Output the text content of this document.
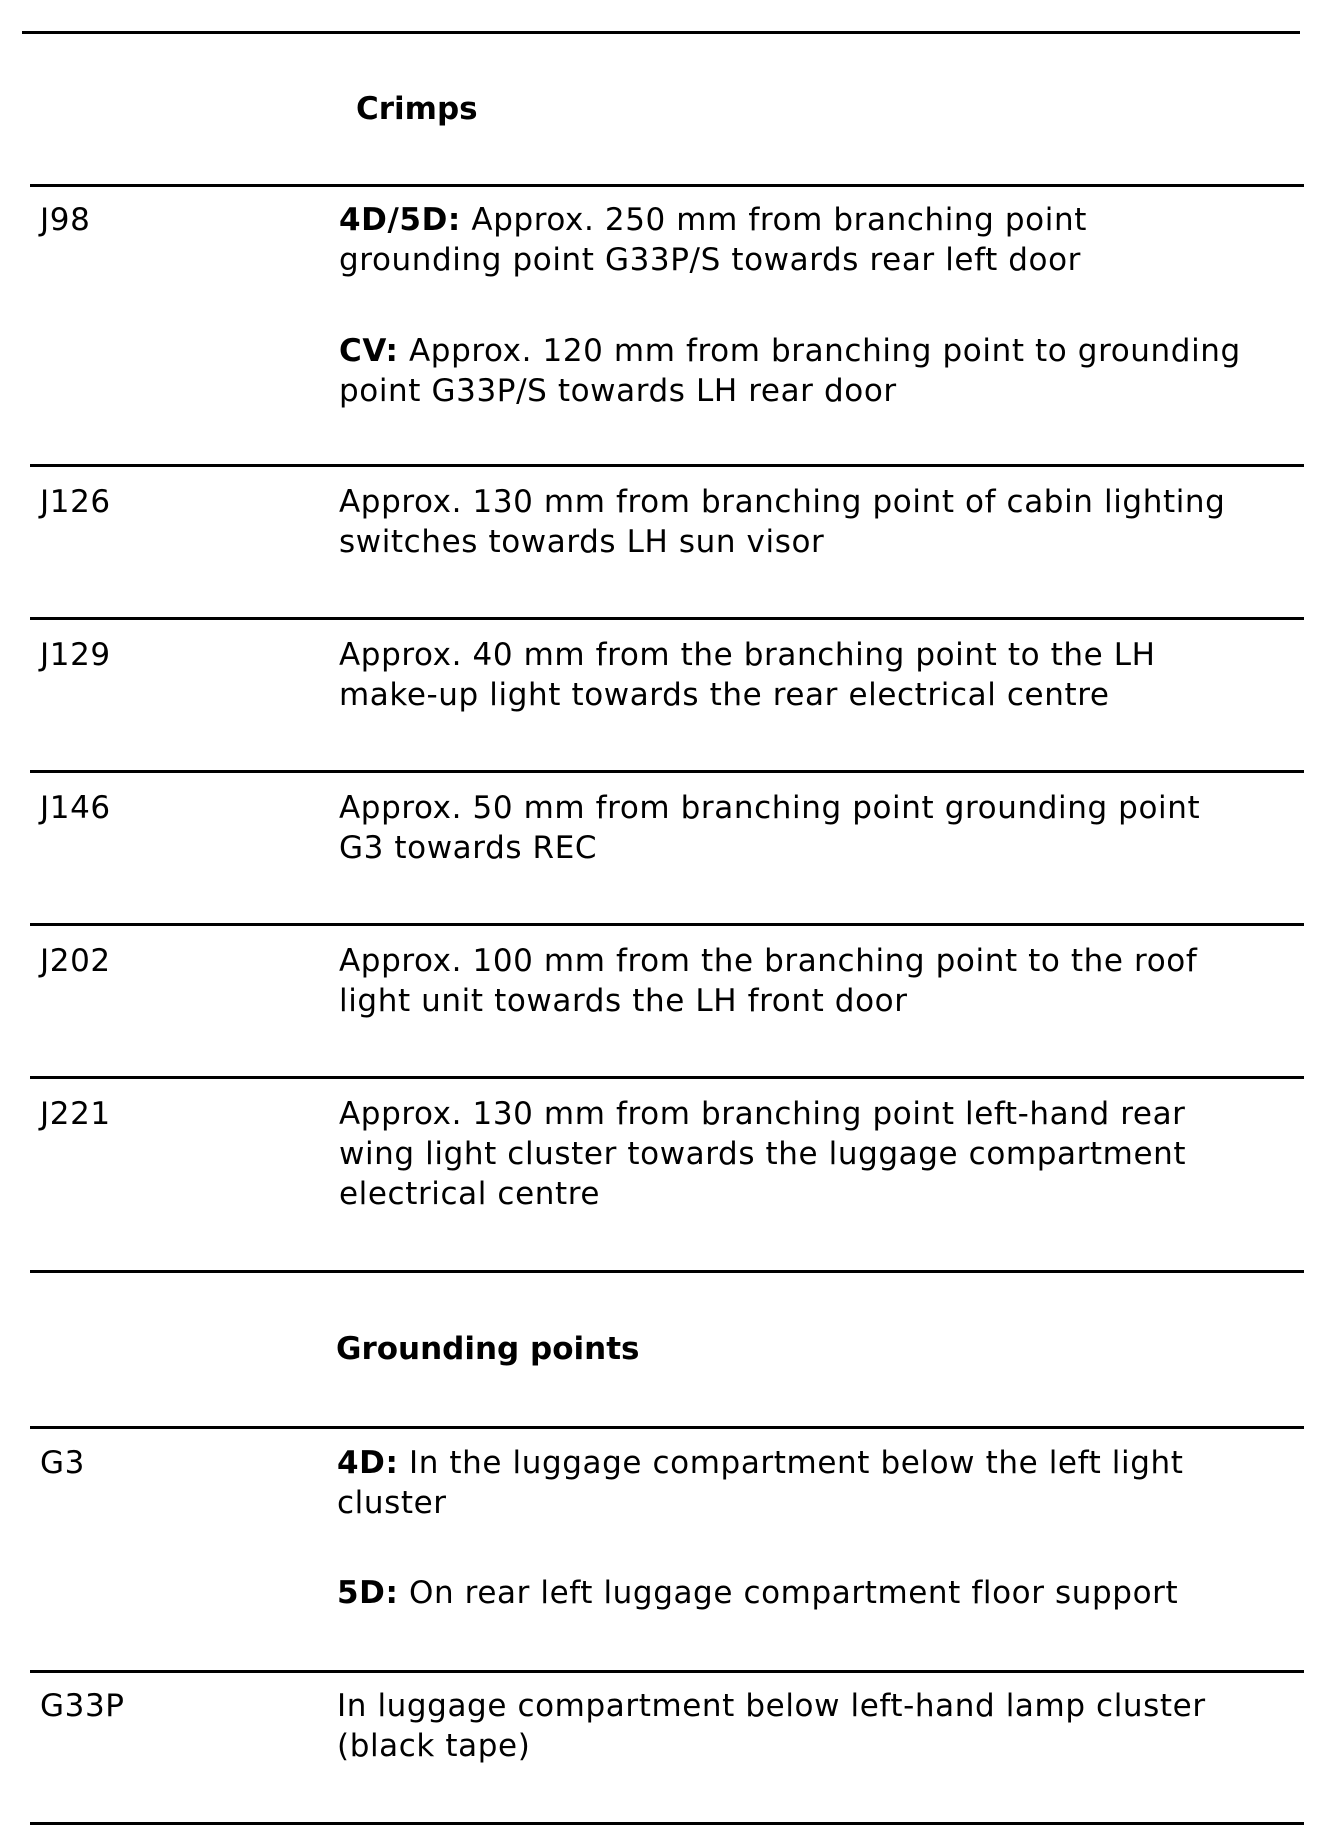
Crimps
J98	4D/5D: Approx. 250 mm from branching point
grounding point G33P/S towards rear left door
CV: Approx. 120 mm from branching point to grounding
point G33P/S towards LH rear door
J126	Approx. 130 mm from branching point of cabin lighting
switches towards LH sun visor
J129	Approx. 40 mm from the branching point to the LH
make-up light towards the rear electrical centre
J146	Approx. 50 mm from branching point grounding point
G3 towards REC
J202	Approx. 100 mm from the branching point to the roof
light unit towards the LH front door
J221	Approx. 130 mm from branching point left-hand rear
wing light cluster towards the luggage compartment
electrical centre
Grounding points
G3	4D: In the luggage compartment below the left light
cluster
5D: On rear left luggage compartment floor support
G33P	In luggage compartment below left-hand lamp cluster
(black tape)
